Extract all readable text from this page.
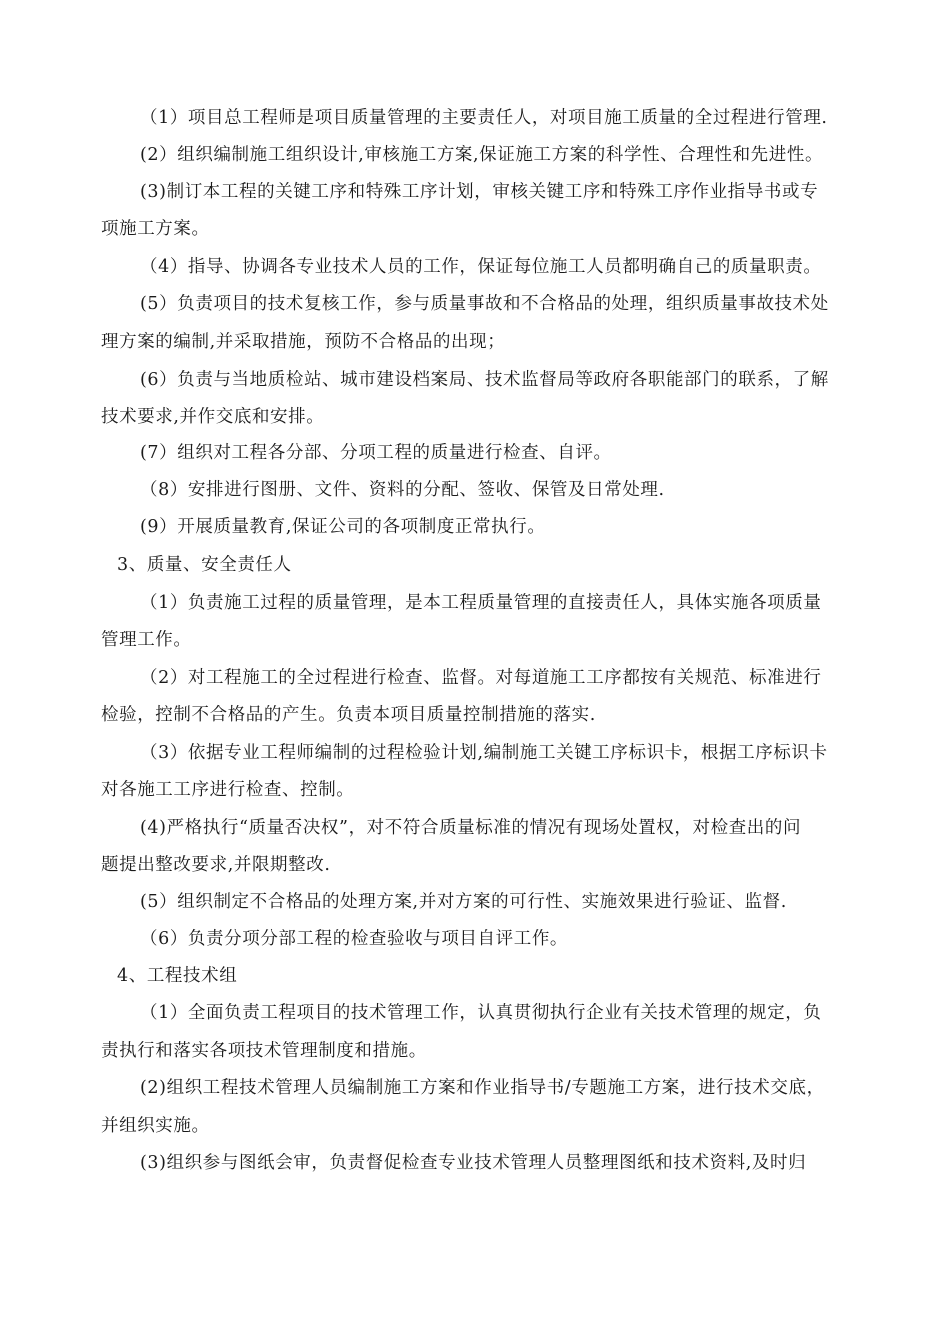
（1）项目总工程师是项目质量管理的主要责任人，对项目施工质量的全过程进行管理.
(2）组织编制施工组织设计,审核施工方案,保证施工方案的科学性、合理性和先进性。
(3)制订本工程的关键工序和特殊工序计划，审核关键工序和特殊工序作业指导书或专
项施工方案。
（4）指导、协调各专业技术人员的工作，保证每位施工人员都明确自己的质量职责。
(5）负责项目的技术复核工作，参与质量事故和不合格品的处理，组织质量事故技术处
理方案的编制,并采取措施，预防不合格品的出现；
(6）负责与当地质检站、城市建设档案局、技术监督局等政府各职能部门的联系，了解
技术要求,并作交底和安排。
(7）组织对工程各分部、分项工程的质量进行检查、自评。
（8）安排进行图册、文件、资料的分配、签收、保管及日常处理.
(9）开展质量教育,保证公司的各项制度正常执行。
3、质量、安全责任人
（1）负责施工过程的质量管理，是本工程质量管理的直接责任人，具体实施各项质量
管理工作。
（2）对工程施工的全过程进行检查、监督。对每道施工工序都按有关规范、标准进行
检验，控制不合格品的产生。负责本项目质量控制措施的落实.
（3）依据专业工程师编制的过程检验计划,编制施工关键工序标识卡，根据工序标识卡
对各施工工序进行检查、控制。
(4)严格执行“质量否决权”，对不符合质量标准的情况有现场处置权，对检查出的问
题提出整改要求,并限期整改.
(5）组织制定不合格品的处理方案,并对方案的可行性、实施效果进行验证、监督.
（6）负责分项分部工程的检查验收与项目自评工作。
4、工程技术组
（1）全面负责工程项目的技术管理工作，认真贯彻执行企业有关技术管理的规定，负
责执行和落实各项技术管理制度和措施。
(2)组织工程技术管理人员编制施工方案和作业指导书/专题施工方案，进行技术交底，
并组织实施。
(3)组织参与图纸会审，负责督促检查专业技术管理人员整理图纸和技术资料,及时归
